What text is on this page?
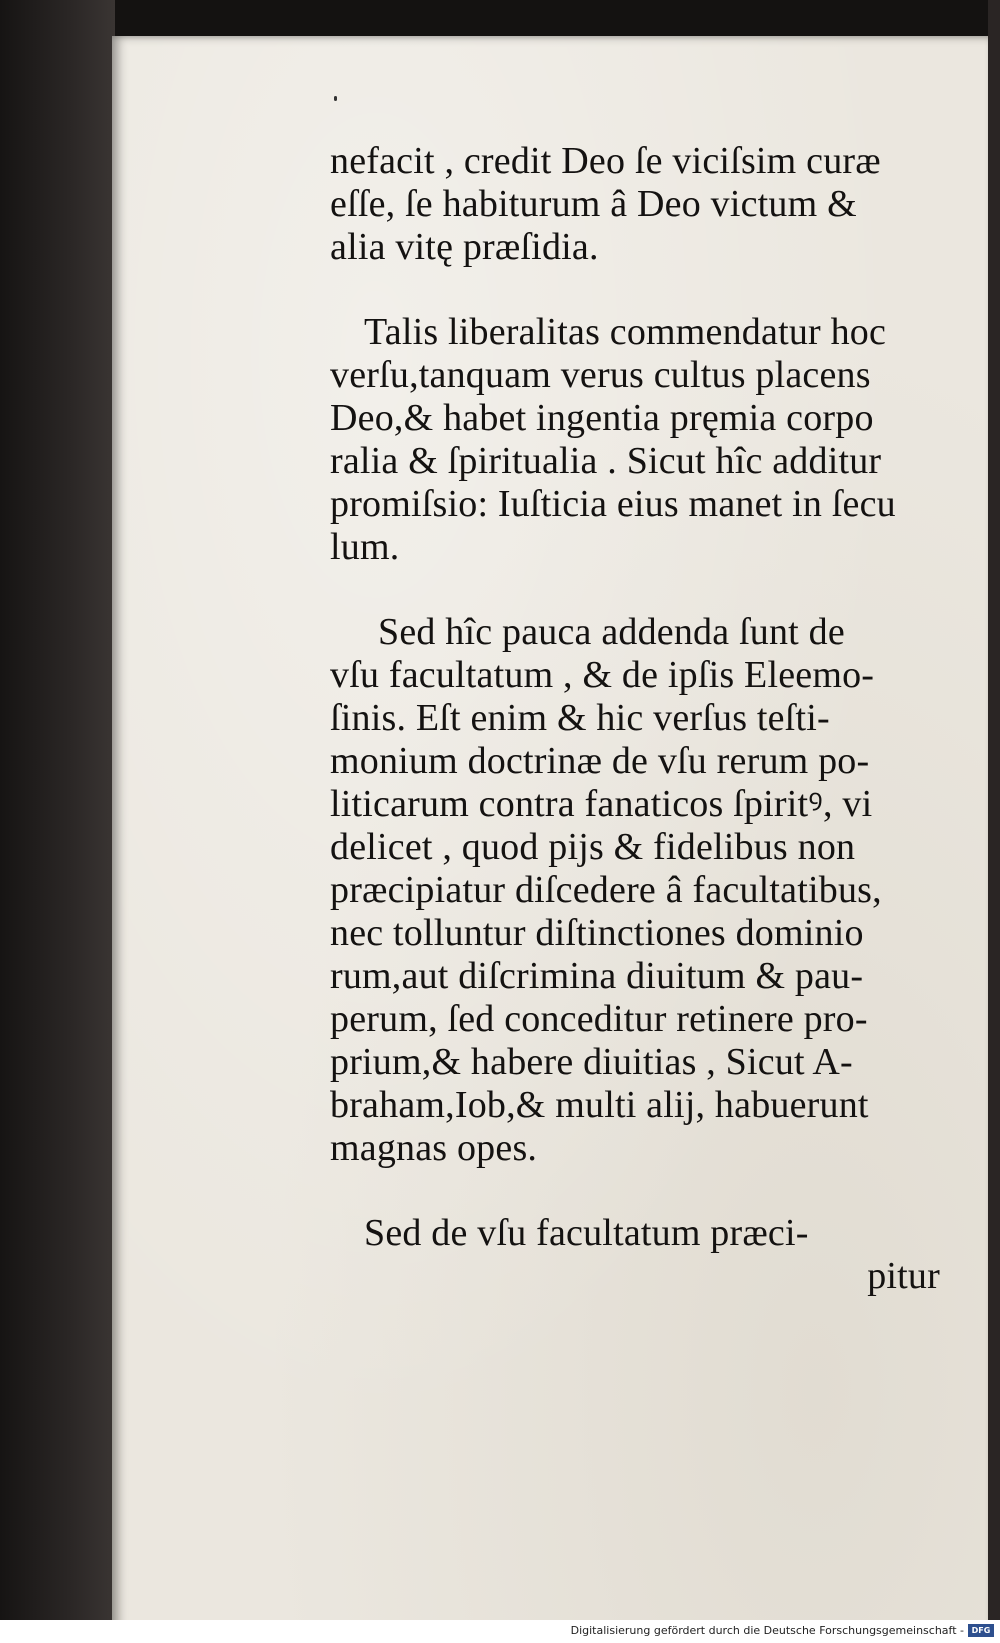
nefacit , credit Deo ſe viciſsim curæ
eſſe, ſe habiturum â Deo victum &
alia vitę præſidia.

Talis liberalitas commendatur hoc
verſu,tanquam verus cultus placens
Deo,& habet ingentia pręmia corpo
ralia & ſpiritualia . Sicut hîc additur
promiſsio: Iuſticia eius manet in ſecu
lum.

Sed hîc pauca addenda ſunt de
vſu facultatum , & de ipſis Eleemo-
ſinis. Eſt enim & hic verſus teſti-
monium doctrinæ de vſu rerum po-
liticarum contra fanaticos ſpiritꝰ, vi
delicet , quod pijs & fidelibus non
præcipiatur diſcedere â facultatibus,
nec tolluntur diſtinctiones dominio
rum,aut diſcrimina diuitum & pau-
perum, ſed conceditur retinere pro-
prium,& habere diuitias , Sicut A-
braham,Iob,& multi alij, habuerunt
magnas opes.

Sed de vſu facultatum præci-
pitur

Digitalisierung gefördert durch die Deutsche Forschungsgemeinschaft - DFG
